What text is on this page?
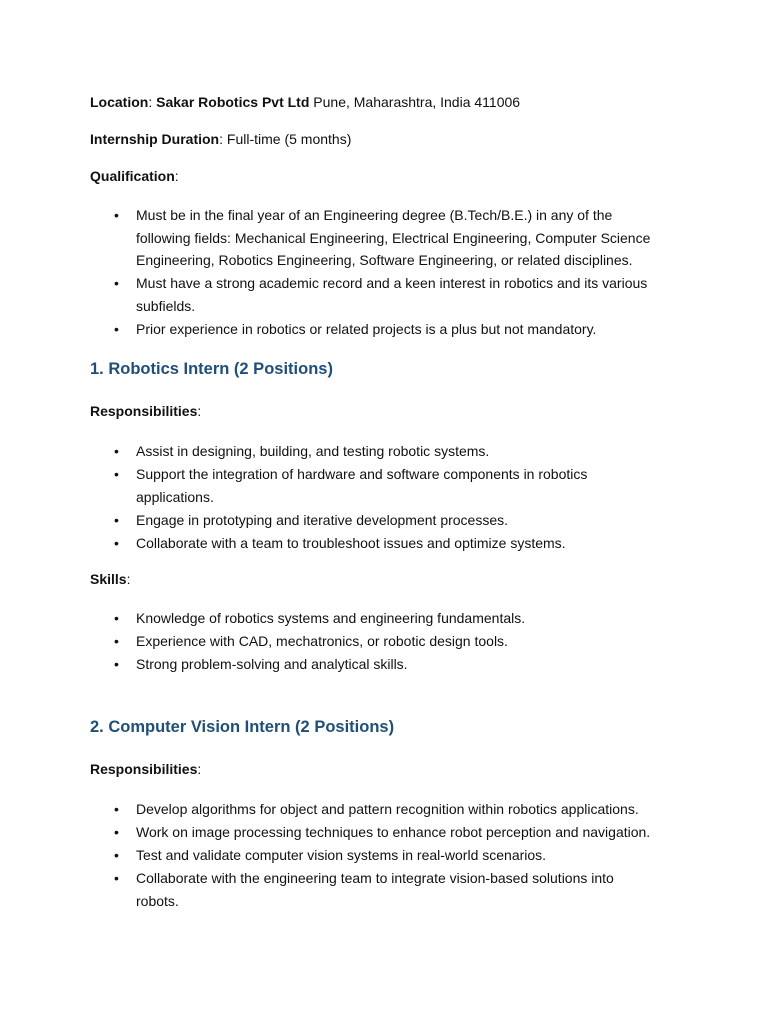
Location: Sakar Robotics Pvt Ltd Pune, Maharashtra, India 411006

Internship Duration: Full-time (5 months)

Qualification:

• Must be in the final year of an Engineering degree (B.Tech/B.E.) in any of the
following fields: Mechanical Engineering, Electrical Engineering, Computer Science
Engineering, Robotics Engineering, Software Engineering, or related disciplines.
• Must have a strong academic record and a keen interest in robotics and its various
subfields.
• Prior experience in robotics or related projects is a plus but not mandatory.
1. Robotics Intern (2 Positions)

Responsibilities:

• Assist in designing, building, and testing robotic systems.
• Support the integration of hardware and software components in robotics
applications.
• Engage in prototyping and iterative development processes.
• Collaborate with a team to troubleshoot issues and optimize systems.

Skills:

• Knowledge of robotics systems and engineering fundamentals.
• Experience with CAD, mechatronics, or robotic design tools.
• Strong problem-solving and analytical skills.
2. Computer Vision Intern (2 Positions)

Responsibilities:

• Develop algorithms for object and pattern recognition within robotics applications.
• Work on image processing techniques to enhance robot perception and navigation.
• Test and validate computer vision systems in real-world scenarios.
• Collaborate with the engineering team to integrate vision-based solutions into
robots.
